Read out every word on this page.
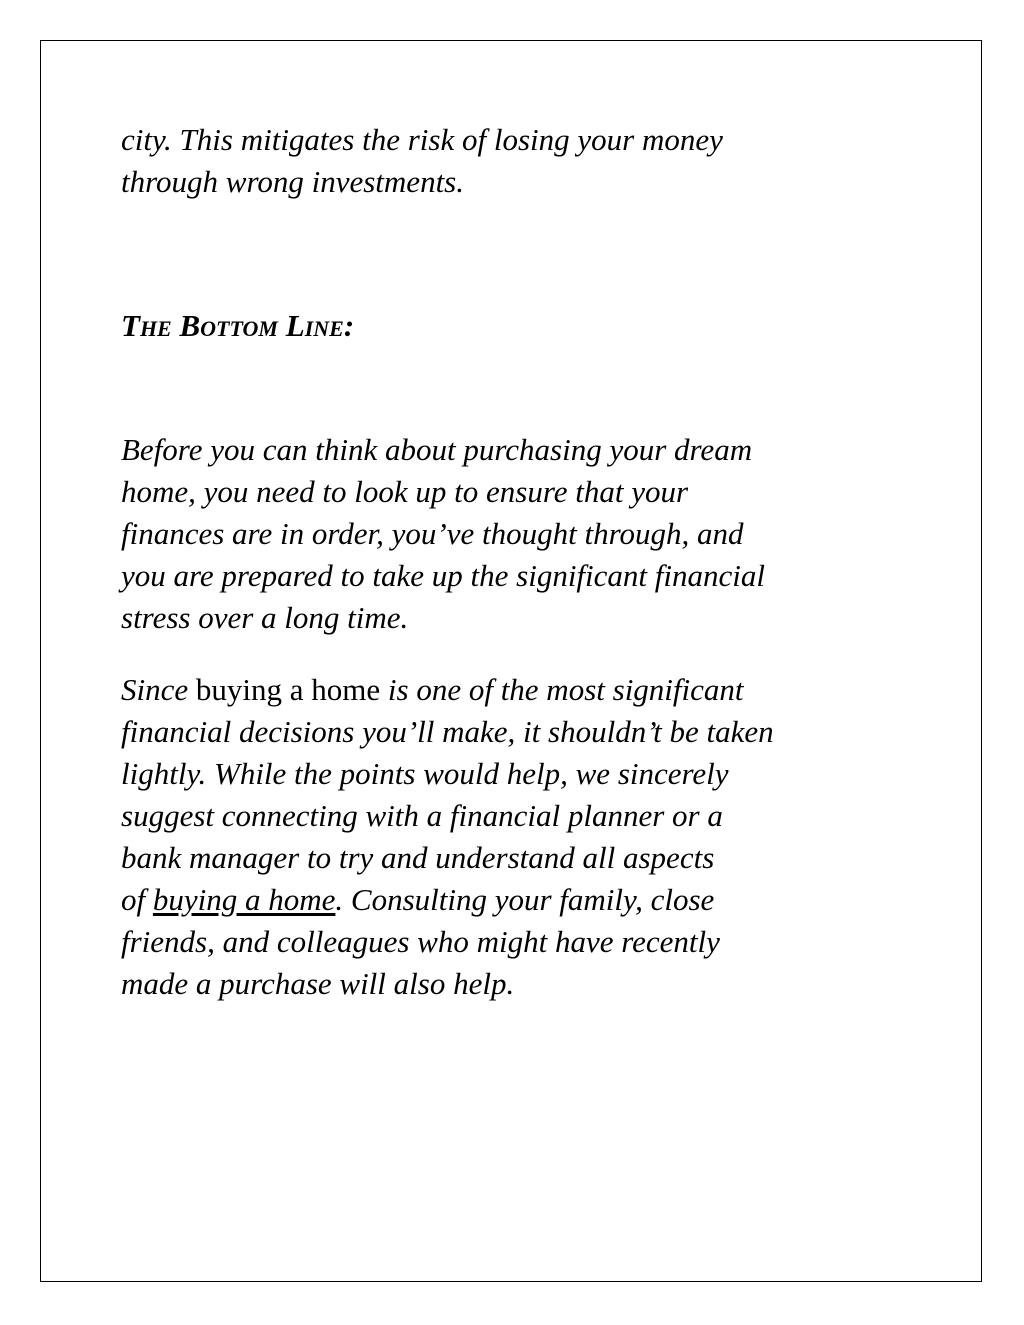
city. This mitigates the risk of losing your money
through wrong investments.

THE BOTTOM LINE:

Before you can think about purchasing your dream
home, you need to look up to ensure that your
finances are in order, you’ve thought through, and
you are prepared to take up the significant financial
stress over a long time.

Since buying a home is one of the most significant
financial decisions you’ll make, it shouldn’t be taken
lightly. While the points would help, we sincerely
suggest connecting with a financial planner or a
bank manager to try and understand all aspects
of buying a home. Consulting your family, close
friends, and colleagues who might have recently
made a purchase will also help.
